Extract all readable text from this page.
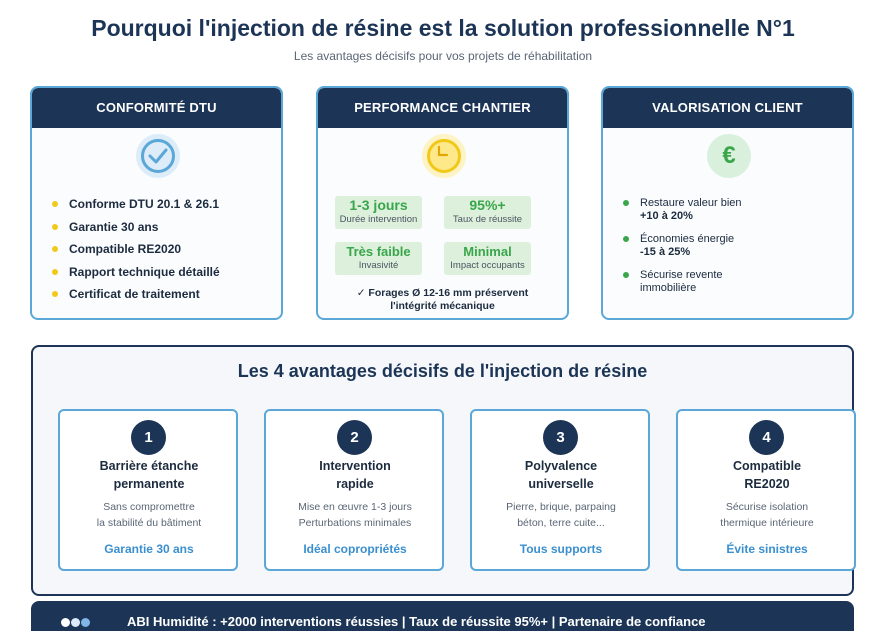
Pourquoi l'injection de résine est la solution professionnelle N°1
Les avantages décisifs pour vos projets de réhabilitation
CONFORMITÉ DTU
Conforme DTU 20.1 & 26.1
Garantie 30 ans
Compatible RE2020
Rapport technique détaillé
Certificat de traitement
PERFORMANCE CHANTIER
1-3 jours
Durée intervention
95%+
Taux de réussite
Très faible
Invasivité
Minimal
Impact occupants
✓ Forages Ø 12-16 mm préservent
l'intégrité mécanique
VALORISATION CLIENT
€
Restaure valeur bien
+10 à 20%
Économies énergie
-15 à 25%
Sécurise revente
immobilière
Les 4 avantages décisifs de l'injection de résine
1
Barrière étanche
permanente
Sans compromettre
la stabilité du bâtiment
Garantie 30 ans
2
Intervention
rapide
Mise en œuvre 1-3 jours
Perturbations minimales
Idéal copropriétés
3
Polyvalence
universelle
Pierre, brique, parpaing
béton, terre cuite...
Tous supports
4
Compatible
RE2020
Sécurise isolation
thermique intérieure
Évite sinistres
ABI Humidité : +2000 interventions réussies | Taux de réussite 95%+ | Partenaire de confiance
